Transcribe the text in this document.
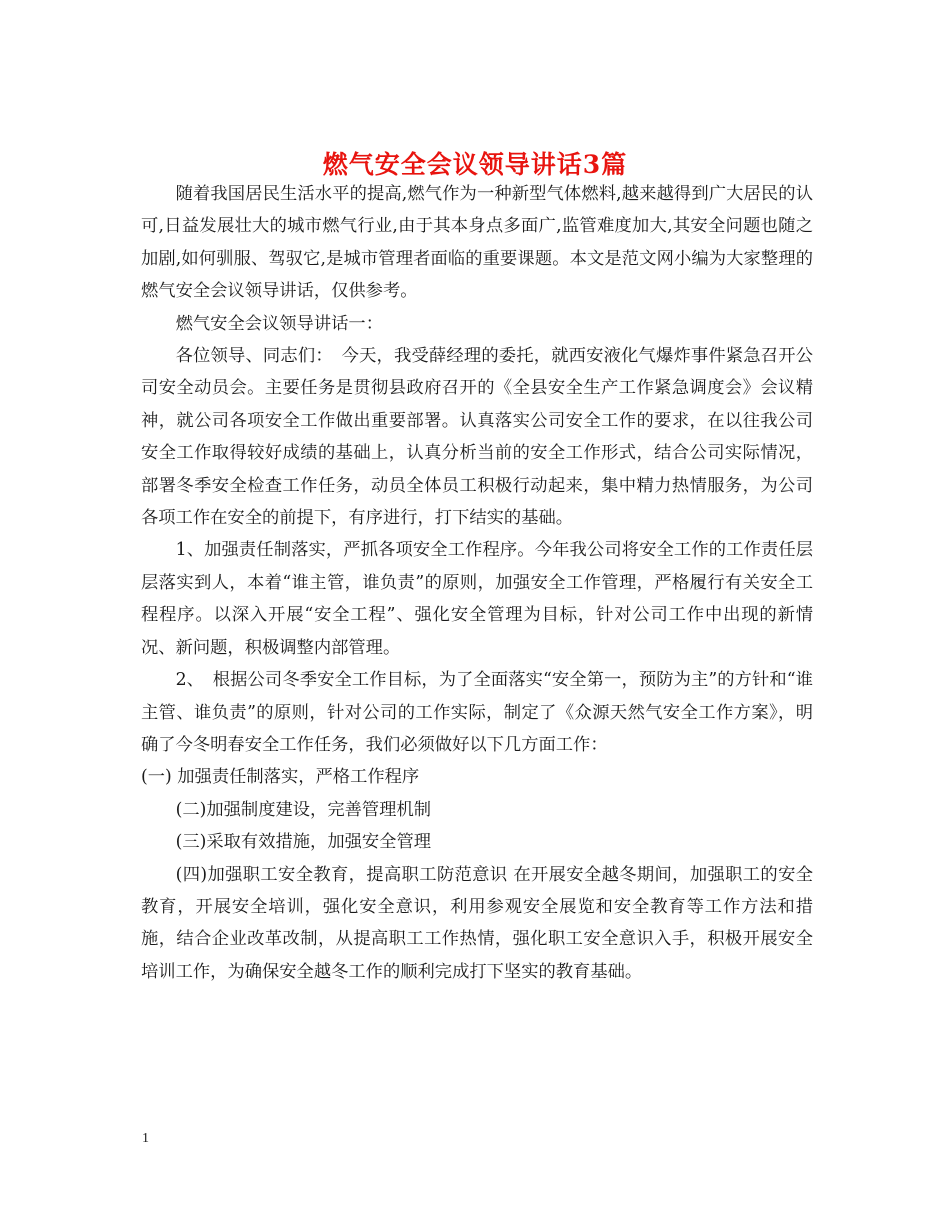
燃气安全会议领导讲话3篇

随着我国居民生活水平的提高,燃气作为一种新型气体燃料,越来越得到广大居民的认可,日益发展壮大的城市燃气行业,由于其本身点多面广,监管难度加大,其安全问题也随之加剧,如何驯服、驾驭它,是城市管理者面临的重要课题。本文是范文网小编为大家整理的燃气安全会议领导讲话，仅供参考。

燃气安全会议领导讲话一：

各位领导、同志们：　今天，我受薛经理的委托，就西安液化气爆炸事件紧急召开公司安全动员会。主要任务是贯彻县政府召开的《全县安全生产工作紧急调度会》会议精神，就公司各项安全工作做出重要部署。认真落实公司安全工作的要求，在以往我公司安全工作取得较好成绩的基础上，认真分析当前的安全工作形式，结合公司实际情况，部署冬季安全检查工作任务，动员全体员工积极行动起来，集中精力热情服务，为公司各项工作在安全的前提下，有序进行，打下结实的基础。

1、加强责任制落实，严抓各项安全工作程序。今年我公司将安全工作的工作责任层层落实到人，本着“谁主管，谁负责”的原则，加强安全工作管理，严格履行有关安全工程程序。以深入开展“安全工程”、强化安全管理为目标，针对公司工作中出现的新情况、新问题，积极调整内部管理。

2、　根据公司冬季安全工作目标，为了全面落实“安全第一，预防为主”的方针和“谁主管、谁负责”的原则，针对公司的工作实际，制定了《众源天然气安全工作方案》，明确了今冬明春安全工作任务，我们必须做好以下几方面工作：

(一) 加强责任制落实，严格工作程序

(二)加强制度建设，完善管理机制

(三)采取有效措施，加强安全管理

(四)加强职工安全教育，提高职工防范意识 在开展安全越冬期间，加强职工的安全教育，开展安全培训，强化安全意识，利用参观安全展览和安全教育等工作方法和措施，结合企业改革改制，从提高职工工作热情，强化职工安全意识入手，积极开展安全培训工作，为确保安全越冬工作的顺利完成打下坚实的教育基础。

1
